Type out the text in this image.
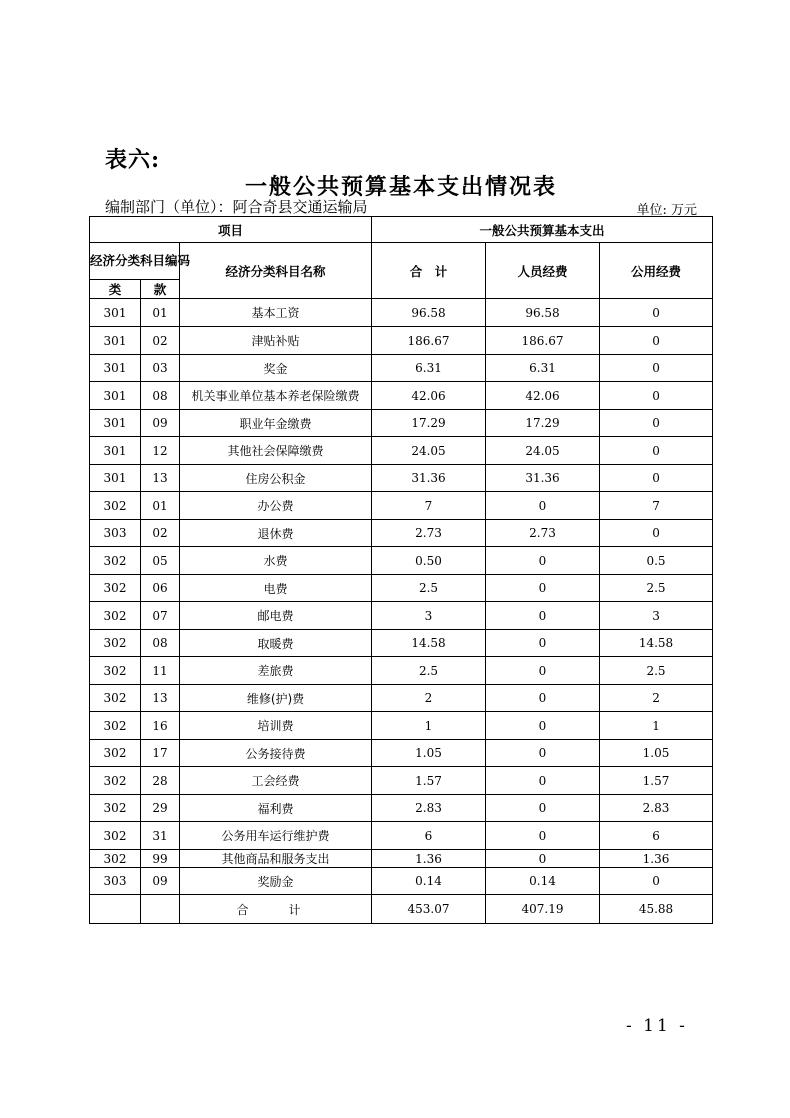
表六:
一般公共预算基本支出情况表
编制部门（单位）：阿合奇县交通运输局	单位: 万元
项目			一般公共预算基本支出		
经济分类科目编码		经济分类科目名称	合　计	人员经费	公用经费
类	款				
301	01	基本工资	96.58	96.58	0
301	02	津贴补贴	186.67	186.67	0
301	03	奖金	6.31	6.31	0
301	08	机关事业单位基本养老保险缴费	42.06	42.06	0
301	09	职业年金缴费	17.29	17.29	0
301	12	其他社会保障缴费	24.05	24.05	0
301	13	住房公积金	31.36	31.36	0
302	01	办公费	7	0	7
303	02	退休费	2.73	2.73	0
302	05	水费	0.50	0	0.5
302	06	电费	2.5	0	2.5
302	07	邮电费	3	0	3
302	08	取暖费	14.58	0	14.58
302	11	差旅费	2.5	0	2.5
302	13	维修(护)费	2	0	2
302	16	培训费	1	0	1
302	17	公务接待费	1.05	0	1.05
302	28	工会经费	1.57	0	1.57
302	29	福利费	2.83	0	2.83
302	31	公务用车运行维护费	6	0	6
302	99	其他商品和服务支出	1.36	0	1.36
303	09	奖励金	0.14	0.14	0
		合　计	453.07	407.19	45.88
- 11 -
